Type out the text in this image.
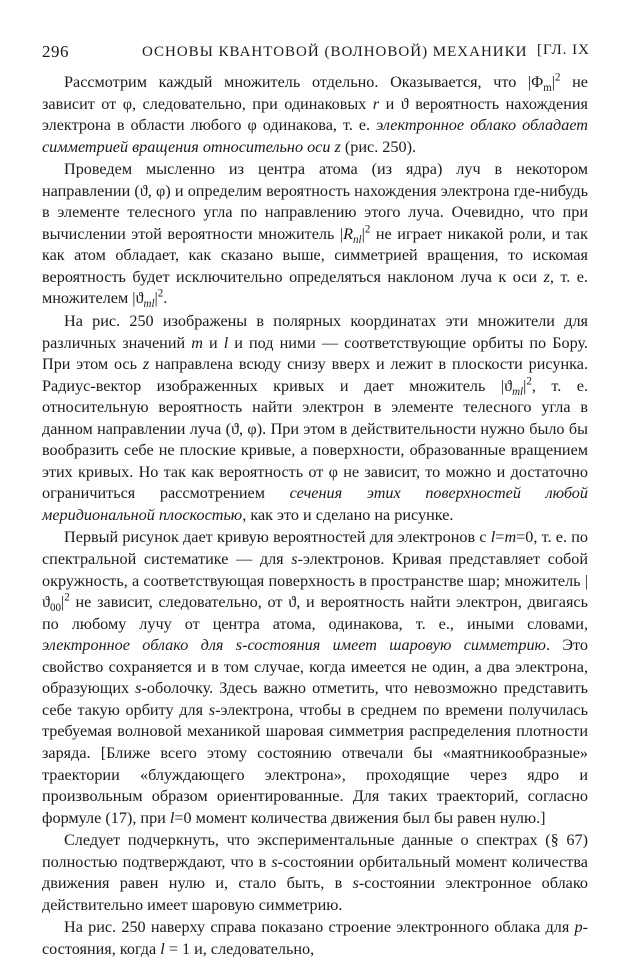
296	ОСНОВЫ КВАНТОВОЙ (ВОЛНОВОЙ) МЕХАНИКИ [ГЛ. IX

Рассмотрим каждый множитель отдельно. Оказывается, что $|\Phi_m|^2$ не зависит от φ, следовательно, при одинаковых r и ϑ вероятность нахождения электрона в области любого φ одинакова, т. е. электронное облако обладает симметрией вращения относительно оси z (рис. 250).

Проведем мысленно из центра атома (из ядра) луч в некотором направлении (ϑ, φ) и определим вероятность нахождения электрона где-нибудь в элементе телесного угла по направлению этого луча. Очевидно, что при вычислении этой вероятности множитель $|R_{nl}|^2$ не играет никакой роли, и так как атом обладает, как сказано выше, симметрией вращения, то искомая вероятность будет исключительно определяться наклоном луча к оси z, т. е. множителем $|ϑ_{ml}|^2$.

На рис. 250 изображены в полярных координатах эти множители для различных значений m и l и под ними — соответствующие орбиты по Бору. При этом ось z направлена всюду снизу вверх и лежит в плоскости рисунка. Радиус-вектор изображенных кривых и дает множитель $|ϑ_{ml}|^2$, т. е. относительную вероятность найти электрон в элементе телесного угла в данном направлении луча (ϑ, φ). При этом в действительности нужно было бы вообразить себе не плоские кривые, а поверхности, образованные вращением этих кривых. Но так как вероятность от φ не зависит, то можно и достаточно ограничиться рассмотрением сечения этих поверхностей любой меридиональной плоскостью, как это и сделано на рисунке.

Первый рисунок дает кривую вероятностей для электронов с l=m=0, т. е. по спектральной систематике — для s-электронов. Кривая представляет собой окружность, а соответствующая поверхность в пространстве шар; множитель $|ϑ_{00}|^2$ не зависит, следовательно, от ϑ, и вероятность найти электрон, двигаясь по любому лучу от центра атома, одинакова, т. е., иными словами, электронное облако для s-состояния имеет шаровую симметрию. Это свойство сохраняется и в том случае, когда имеется не один, а два электрона, образующих s-оболочку. Здесь важно отметить, что невозможно представить себе такую орбиту для s-электрона, чтобы в среднем по времени получилась требуемая волновой механикой шаровая симметрия распределения плотности заряда. [Ближе всего этому состоянию отвечали бы «маятникообразные» траектории «блуждающего электрона», проходящие через ядро и произвольным образом ориентированные. Для таких траекторий, согласно формуле (17), при l=0 момент количества движения был бы равен нулю.]

Следует подчеркнуть, что экспериментальные данные о спектрах (§ 67) полностью подтверждают, что в s-состоянии орбитальный момент количества движения равен нулю и, стало быть, в s-состоянии электронное облако действительно имеет шаровую симметрию.

На рис. 250 наверху справа показано строение электронного облака для p-состояния, когда l = 1 и, следовательно,
